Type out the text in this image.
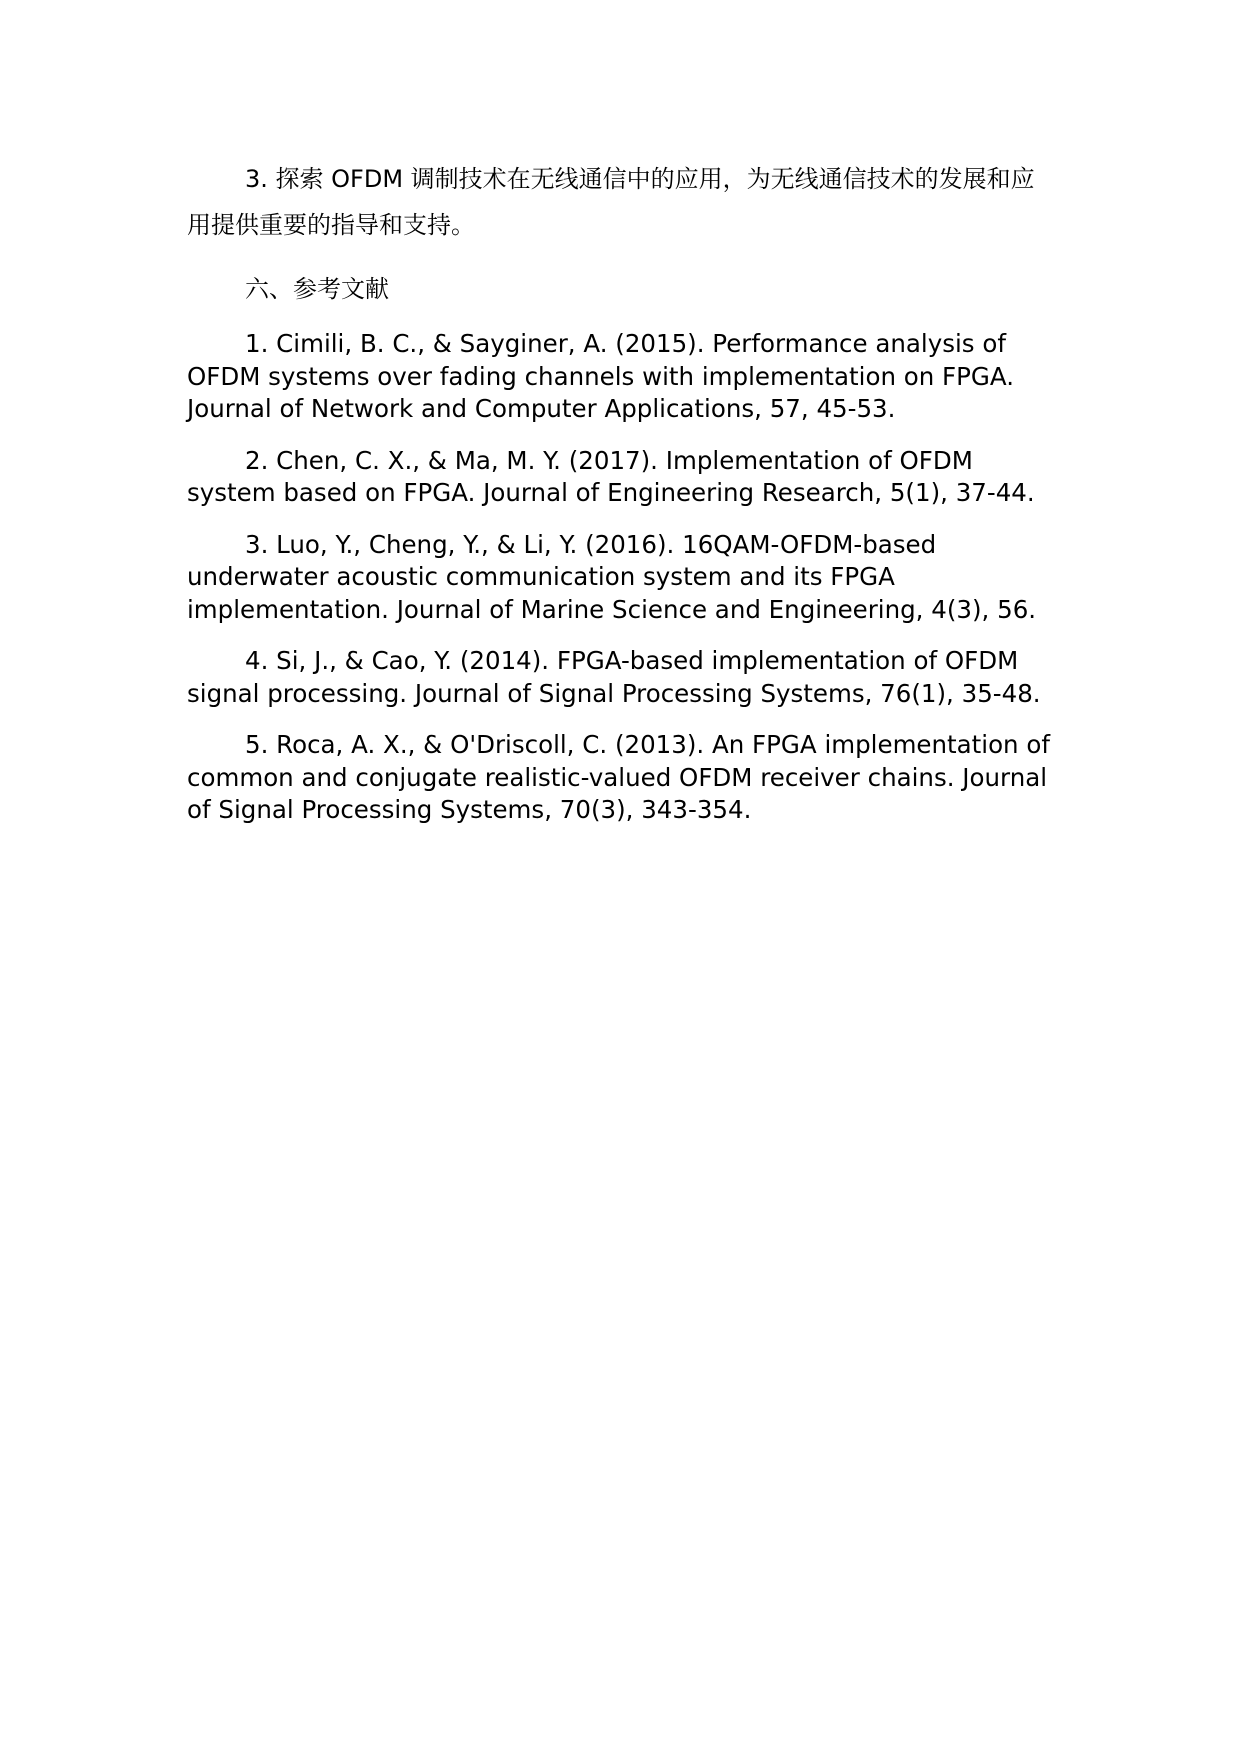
3. 探索 OFDM 调制技术在无线通信中的应用，为无线通信技术的发展和应用提供重要的指导和支持。

六、参考文献

1. Cimili, B. C., & Sayginer, A. (2015). Performance analysis of OFDM systems over fading channels with implementation on FPGA. Journal of Network and Computer Applications, 57, 45-53.

2. Chen, C. X., & Ma, M. Y. (2017). Implementation of OFDM system based on FPGA. Journal of Engineering Research, 5(1), 37-44.

3. Luo, Y., Cheng, Y., & Li, Y. (2016). 16QAM-OFDM-based underwater acoustic communication system and its FPGA implementation. Journal of Marine Science and Engineering, 4(3), 56.

4. Si, J., & Cao, Y. (2014). FPGA-based implementation of OFDM signal processing. Journal of Signal Processing Systems, 76(1), 35-48.

5. Roca, A. X., & O'Driscoll, C. (2013). An FPGA implementation of common and conjugate realistic-valued OFDM receiver chains. Journal of Signal Processing Systems, 70(3), 343-354.
